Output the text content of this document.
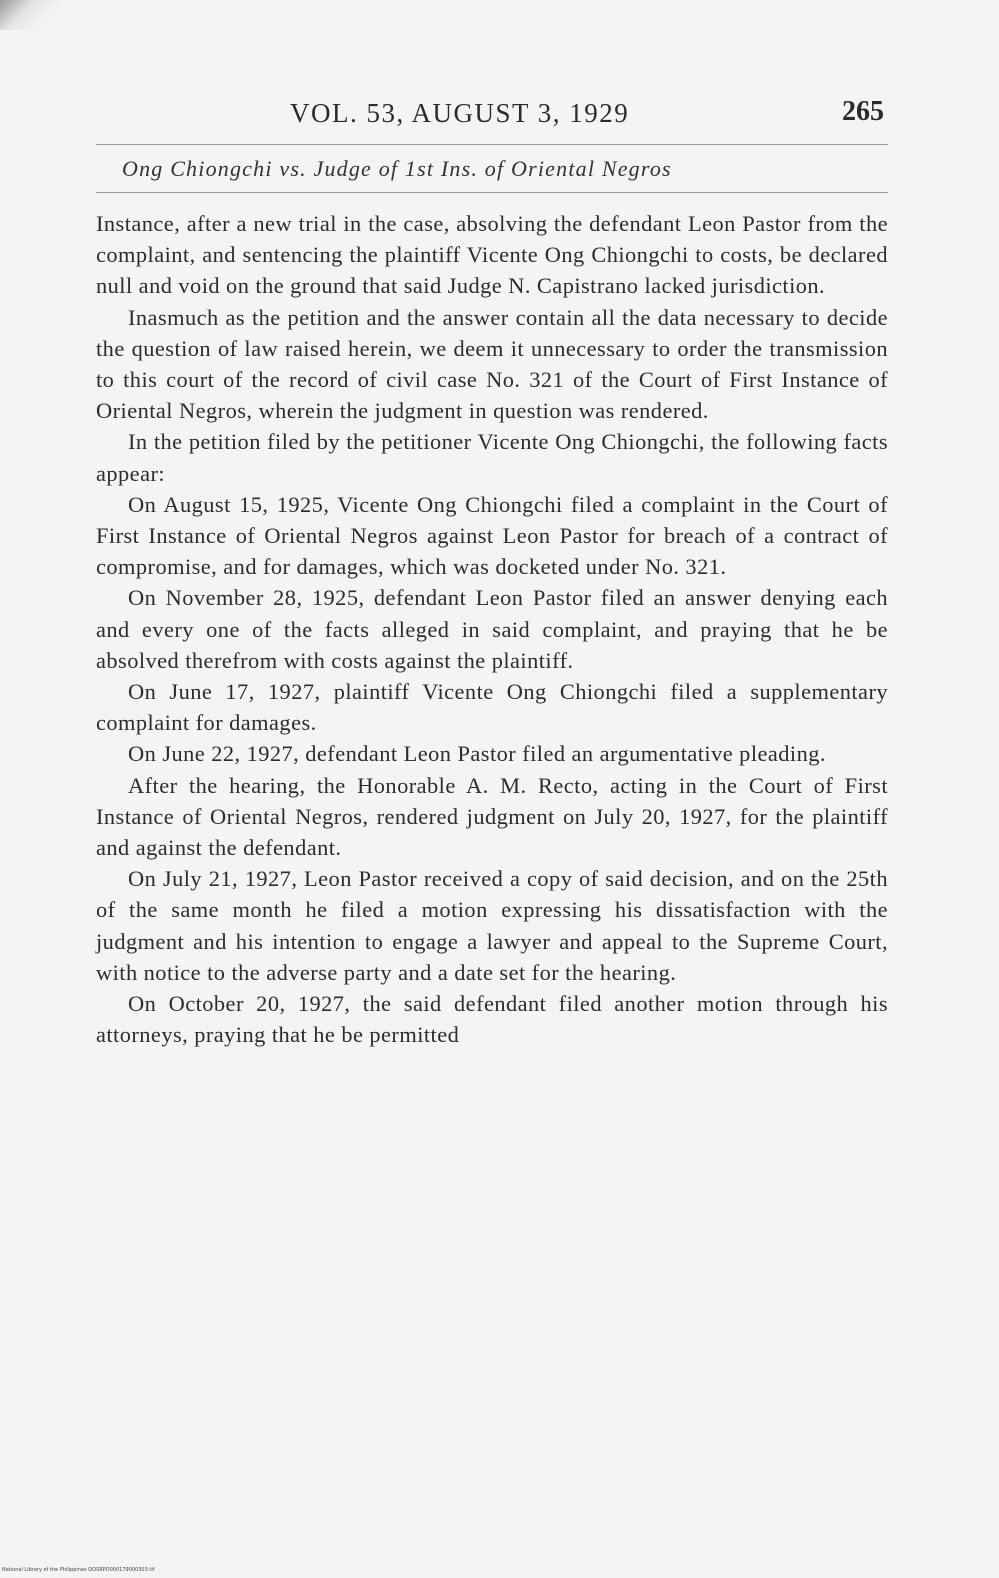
VOL. 53, AUGUST 3, 1929	265
Ong Chiongchi vs. Judge of 1st Ins. of Oriental Negros

Instance, after a new trial in the case, absolving the defendant Leon Pastor from the complaint, and sentencing the plaintiff Vicente Ong Chiongchi to costs, be declared null and void on the ground that said Judge N. Capistrano lacked jurisdiction.

Inasmuch as the petition and the answer contain all the data necessary to decide the question of law raised herein, we deem it unnecessary to order the transmission to this court of the record of civil case No. 321 of the Court of First Instance of Oriental Negros, wherein the judgment in question was rendered.

In the petition filed by the petitioner Vicente Ong Chiongchi, the following facts appear:

On August 15, 1925, Vicente Ong Chiongchi filed a complaint in the Court of First Instance of Oriental Negros against Leon Pastor for breach of a contract of compromise, and for damages, which was docketed under No. 321.

On November 28, 1925, defendant Leon Pastor filed an answer denying each and every one of the facts alleged in said complaint, and praying that he be absolved therefrom with costs against the plaintiff.

On June 17, 1927, plaintiff Vicente Ong Chiongchi filed a supplementary complaint for damages.

On June 22, 1927, defendant Leon Pastor filed an argumentative pleading.

After the hearing, the Honorable A. M. Recto, acting in the Court of First Instance of Oriental Negros, rendered judgment on July 20, 1927, for the plaintiff and against the defendant.

On July 21, 1927, Leon Pastor received a copy of said decision, and on the 25th of the same month he filed a motion expressing his dissatisfaction with the judgment and his intention to engage a lawyer and appeal to the Supreme Court, with notice to the adverse party and a date set for the hearing.

On October 20, 1927, the said defendant filed another motion through his attorneys, praying that he be permitted

National Library of the Philippines DOSRPO000179000303.tif
